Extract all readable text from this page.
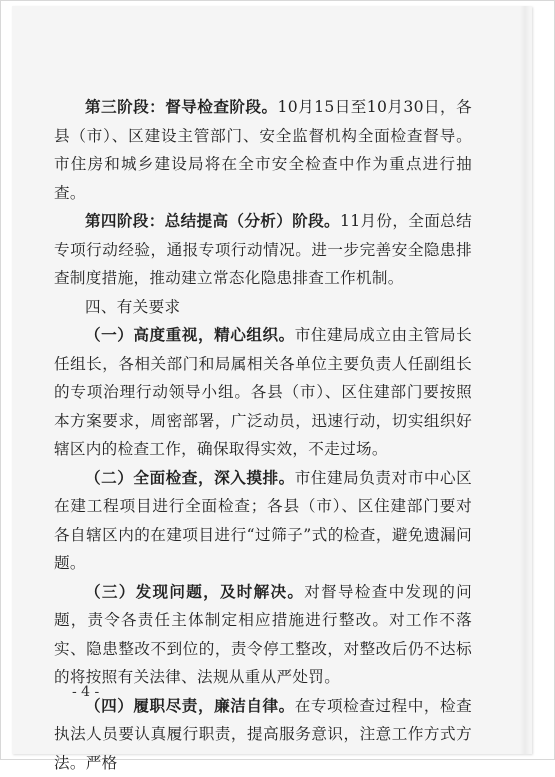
第三阶段：督导检查阶段。10月15日至10月30日，各县（市）、区建设主管部门、安全监督机构全面检查督导。市住房和城乡建设局将在全市安全检查中作为重点进行抽查。

第四阶段：总结提高（分析）阶段。11月份，全面总结专项行动经验，通报专项行动情况。进一步完善安全隐患排查制度措施，推动建立常态化隐患排查工作机制。

四、有关要求

（一）高度重视，精心组织。市住建局成立由主管局长任组长，各相关部门和局属相关各单位主要负责人任副组长的专项治理行动领导小组。各县（市）、区住建部门要按照本方案要求，周密部署，广泛动员，迅速行动，切实组织好辖区内的检查工作，确保取得实效，不走过场。

（二）全面检查，深入摸排。市住建局负责对市中心区在建工程项目进行全面检查；各县（市）、区住建部门要对各自辖区内的在建项目进行“过筛子”式的检查，避免遗漏问题。

（三）发现问题，及时解决。对督导检查中发现的问题，责令各责任主体制定相应措施进行整改。对工作不落实、隐患整改不到位的，责令停工整改，对整改后仍不达标的将按照有关法律、法规从重从严处罚。

（四）履职尽责，廉洁自律。在专项检查过程中，检查执法人员要认真履行职责，提高服务意识，注意工作方式方法。严格

- 4 -
